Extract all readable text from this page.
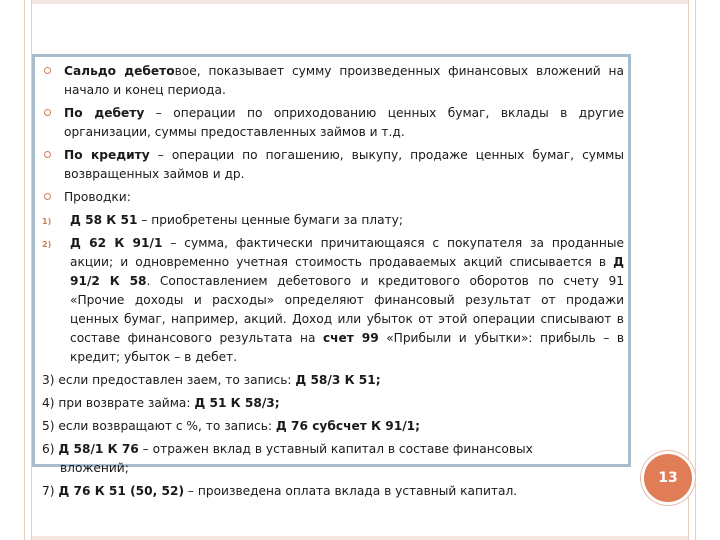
Сальдо дебетовое, показывает сумму произведенных финансовых вложений на начало и конец периода.
По дебету – операции по оприходованию ценных бумаг, вклады в другие организации, суммы предоставленных займов и т.д.
По кредиту – операции по погашению, выкупу, продаже ценных бумаг, суммы возвращенных займов и др.
Проводки:
1) Д 58 К 51 – приобретены ценные бумаги за плату;
2) Д 62 К 91/1 – сумма, фактически причитающаяся с покупателя за проданные акции; и одновременно учетная стоимость продаваемых акций списывается в Д 91/2 К 58. Сопоставлением дебетового и кредитового оборотов по счету 91 «Прочие доходы и расходы» определяют финансовый результат от продажи ценных бумаг, например, акций. Доход или убыток от этой операции списывают в составе финансового результата на счет 99 «Прибыли и убытки»: прибыль – в кредит; убыток – в дебет.
3) если предоставлен заем, то запись: Д 58/3 К 51;
4) при возврате займа: Д 51 К 58/3;
5) если возвращают с %, то запись: Д 76 субсчет К 91/1;
6) Д 58/1 К 76 – отражен вклад в уставный капитал в составе финансовых
вложений;
7) Д 76 К 51 (50, 52) – произведена оплата вклада в уставный капитал.
13
